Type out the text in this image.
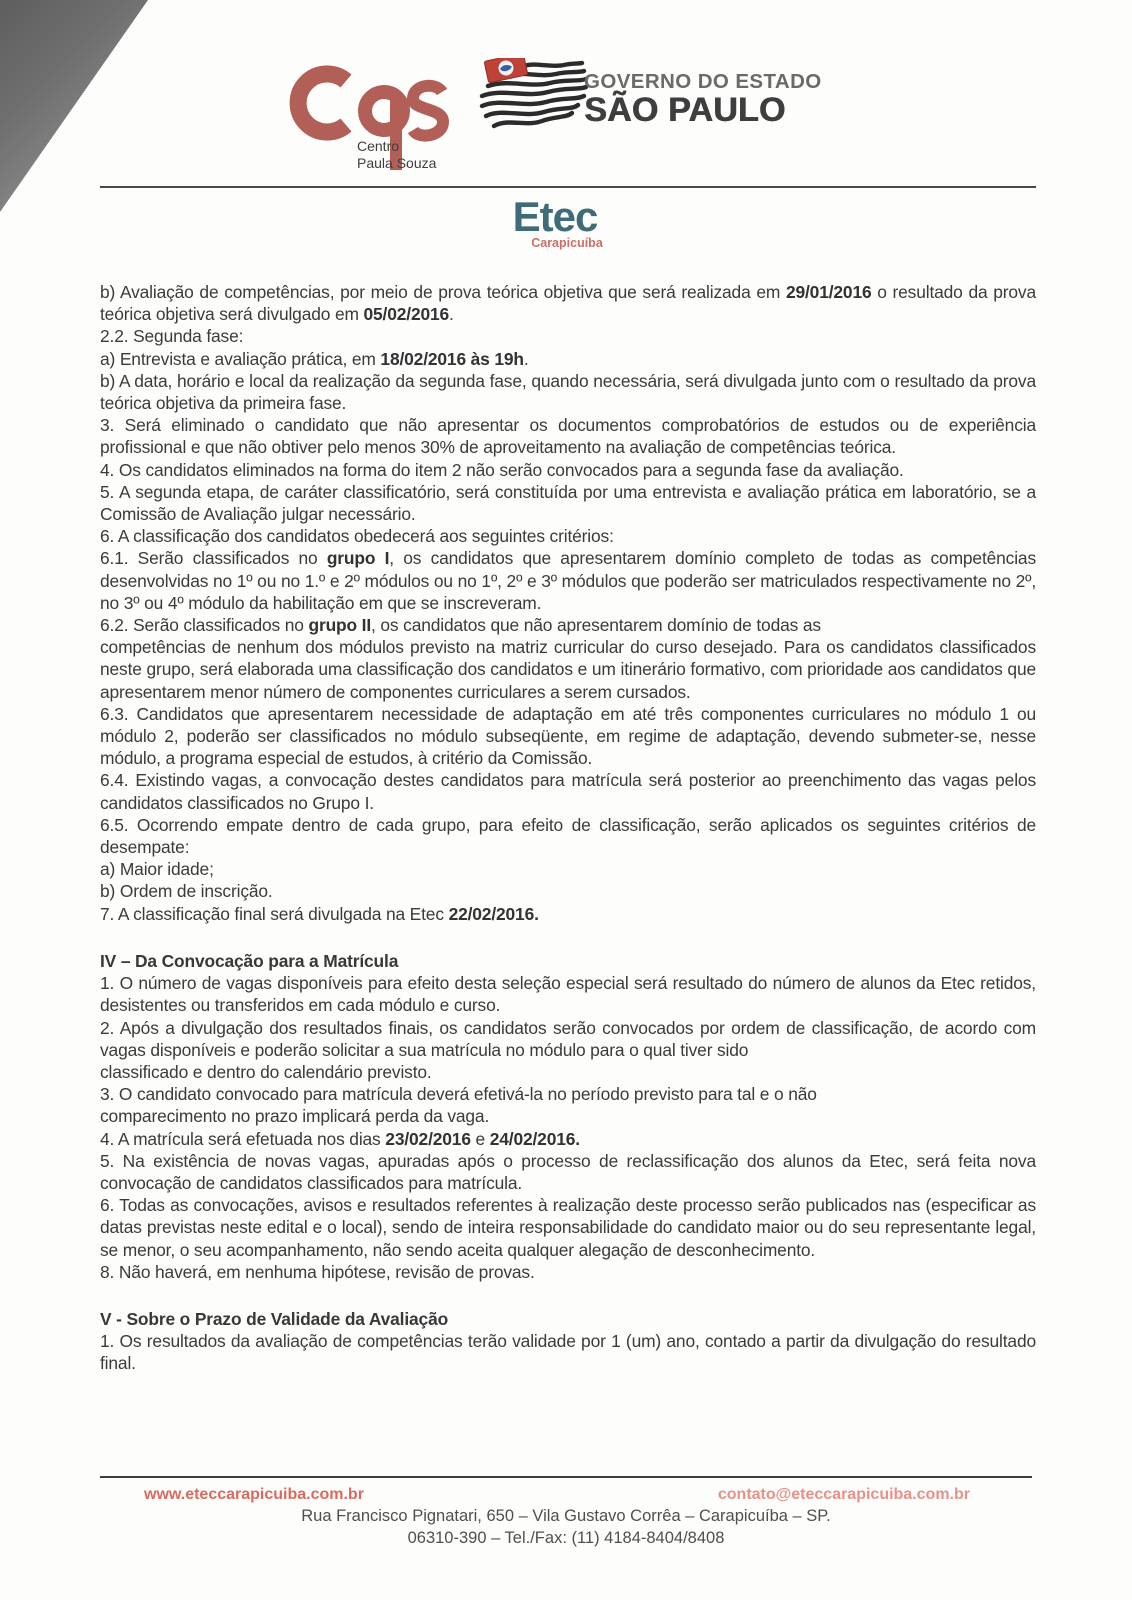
Centro
Paula Souza
GOVERNO DO ESTADO
SÃO PAULO
Etec
Carapicuíba

b) Avaliação de competências, por meio de prova teórica objetiva que será realizada em 29/01/2016 o resultado da prova teórica objetiva será divulgado em 05/02/2016.

2.2. Segunda fase:

a) Entrevista e avaliação prática, em 18/02/2016 às 19h.

b) A data, horário e local da realização da segunda fase, quando necessária, será divulgada junto com o resultado da prova teórica objetiva da primeira fase.

3. Será eliminado o candidato que não apresentar os documentos comprobatórios de estudos ou de experiência profissional e que não obtiver pelo menos 30% de aproveitamento na avaliação de competências teórica.

4. Os candidatos eliminados na forma do item 2 não serão convocados para a segunda fase da avaliação.

5. A segunda etapa, de caráter classificatório, será constituída por uma entrevista e avaliação prática em laboratório, se a Comissão de Avaliação julgar necessário.

6. A classificação dos candidatos obedecerá aos seguintes critérios:

6.1. Serão classificados no grupo I, os candidatos que apresentarem domínio completo de todas as competências desenvolvidas no 1º ou no 1.º e 2º módulos ou no 1º, 2º e 3º módulos que poderão ser matriculados respectivamente no 2º, no 3º ou 4º módulo da habilitação em que se inscreveram.

6.2. Serão classificados no grupo II, os candidatos que não apresentarem domínio de todas as
competências de nenhum dos módulos previsto na matriz curricular do curso desejado. Para os candidatos classificados neste grupo, será elaborada uma classificação dos candidatos e um itinerário formativo, com prioridade aos candidatos que apresentarem menor número de componentes curriculares a serem cursados.

6.3. Candidatos que apresentarem necessidade de adaptação em até três componentes curriculares no módulo 1 ou módulo 2, poderão ser classificados no módulo subseqüente, em regime de adaptação, devendo submeter-se, nesse módulo, a programa especial de estudos, à critério da Comissão.

6.4. Existindo vagas, a convocação destes candidatos para matrícula será posterior ao preenchimento das vagas pelos candidatos classificados no Grupo I.

6.5. Ocorrendo empate dentro de cada grupo, para efeito de classificação, serão aplicados os seguintes critérios de desempate:

a) Maior idade;

b) Ordem de inscrição.

7. A classificação final será divulgada na Etec 22/02/2016.

IV – Da Convocação para a Matrícula

1. O número de vagas disponíveis para efeito desta seleção especial será resultado do número de alunos da Etec retidos, desistentes ou transferidos em cada módulo e curso.

2. Após a divulgação dos resultados finais, os candidatos serão convocados por ordem de classificação, de acordo com vagas disponíveis e poderão solicitar a sua matrícula no módulo para o qual tiver sido
classificado e dentro do calendário previsto.

3. O candidato convocado para matrícula deverá efetivá-la no período previsto para tal e o não
comparecimento no prazo implicará perda da vaga.

4. A matrícula será efetuada nos dias 23/02/2016 e 24/02/2016.

5. Na existência de novas vagas, apuradas após o processo de reclassificação dos alunos da Etec, será feita nova convocação de candidatos classificados para matrícula.

6. Todas as convocações, avisos e resultados referentes à realização deste processo serão publicados nas (especificar as datas previstas neste edital e o local), sendo de inteira responsabilidade do candidato maior ou do seu representante legal, se menor, o seu acompanhamento, não sendo aceita qualquer alegação de desconhecimento.

8. Não haverá, em nenhuma hipótese, revisão de provas.

V - Sobre o Prazo de Validade da Avaliação

1. Os resultados da avaliação de competências terão validade por 1 (um) ano, contado a partir da divulgação do resultado final.

www.eteccarapicuiba.com.br	contato@eteccarapicuiba.com.br
Rua Francisco Pignatari, 650 – Vila Gustavo Corrêa – Carapicuíba – SP.
06310-390 – Tel./Fax: (11) 4184-8404/8408
